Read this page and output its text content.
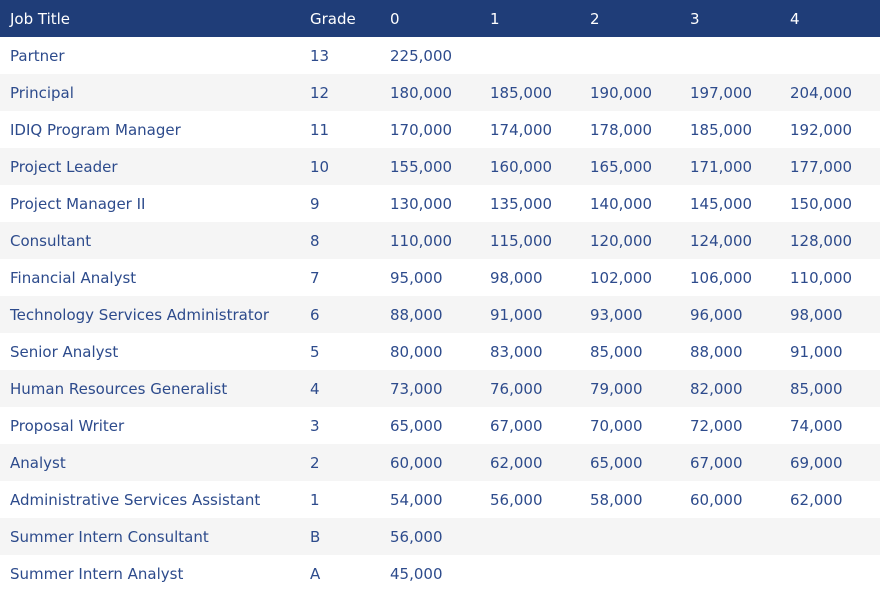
Job Title	Grade	0	1	2	3	4
Partner	13	225,000				
Principal	12	180,000	185,000	190,000	197,000	204,000
IDIQ Program Manager	11	170,000	174,000	178,000	185,000	192,000
Project Leader	10	155,000	160,000	165,000	171,000	177,000
Project Manager II	9	130,000	135,000	140,000	145,000	150,000
Consultant	8	110,000	115,000	120,000	124,000	128,000
Financial Analyst	7	95,000	98,000	102,000	106,000	110,000
Technology Services Administrator	6	88,000	91,000	93,000	96,000	98,000
Senior Analyst	5	80,000	83,000	85,000	88,000	91,000
Human Resources Generalist	4	73,000	76,000	79,000	82,000	85,000
Proposal Writer	3	65,000	67,000	70,000	72,000	74,000
Analyst	2	60,000	62,000	65,000	67,000	69,000
Administrative Services Assistant	1	54,000	56,000	58,000	60,000	62,000
Summer Intern Consultant	B	56,000				
Summer Intern Analyst	A	45,000				
